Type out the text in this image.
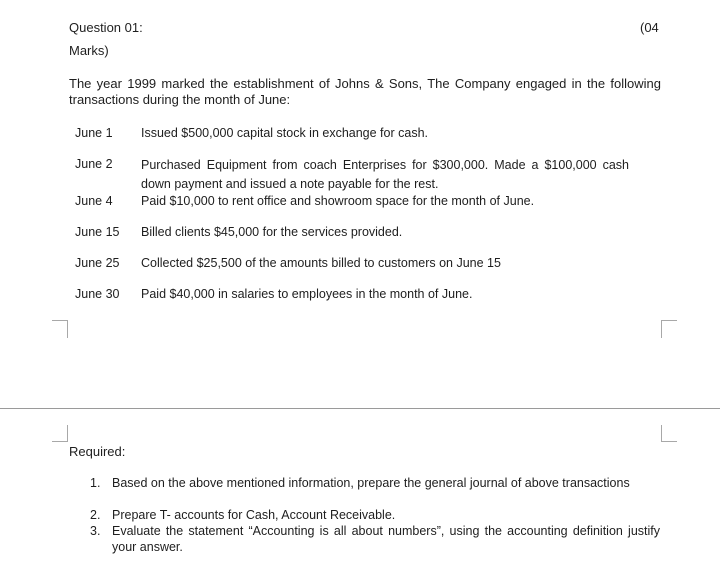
Question 01:	(04
Marks)
The year 1999 marked the establishment of Johns & Sons, The Company engaged in the following transactions during the month of June:
June 1 Issued $500,000 capital stock in exchange for cash.
June 2 Purchased Equipment from coach Enterprises for $300,000. Made a $100,000 cash down payment and issued a note payable for the rest.
June 4 Paid $10,000 to rent office and showroom space for the month of June.
June 15 Billed clients $45,000 for the services provided.
June 25 Collected $25,500 of the amounts billed to customers on June 15
June 30 Paid $40,000 in salaries to employees in the month of June.
Required:
1. Based on the above mentioned information, prepare the general journal of above transactions
2. Prepare T- accounts for Cash, Account Receivable.
3. Evaluate the statement “Accounting is all about numbers”, using the accounting definition justify your answer.
